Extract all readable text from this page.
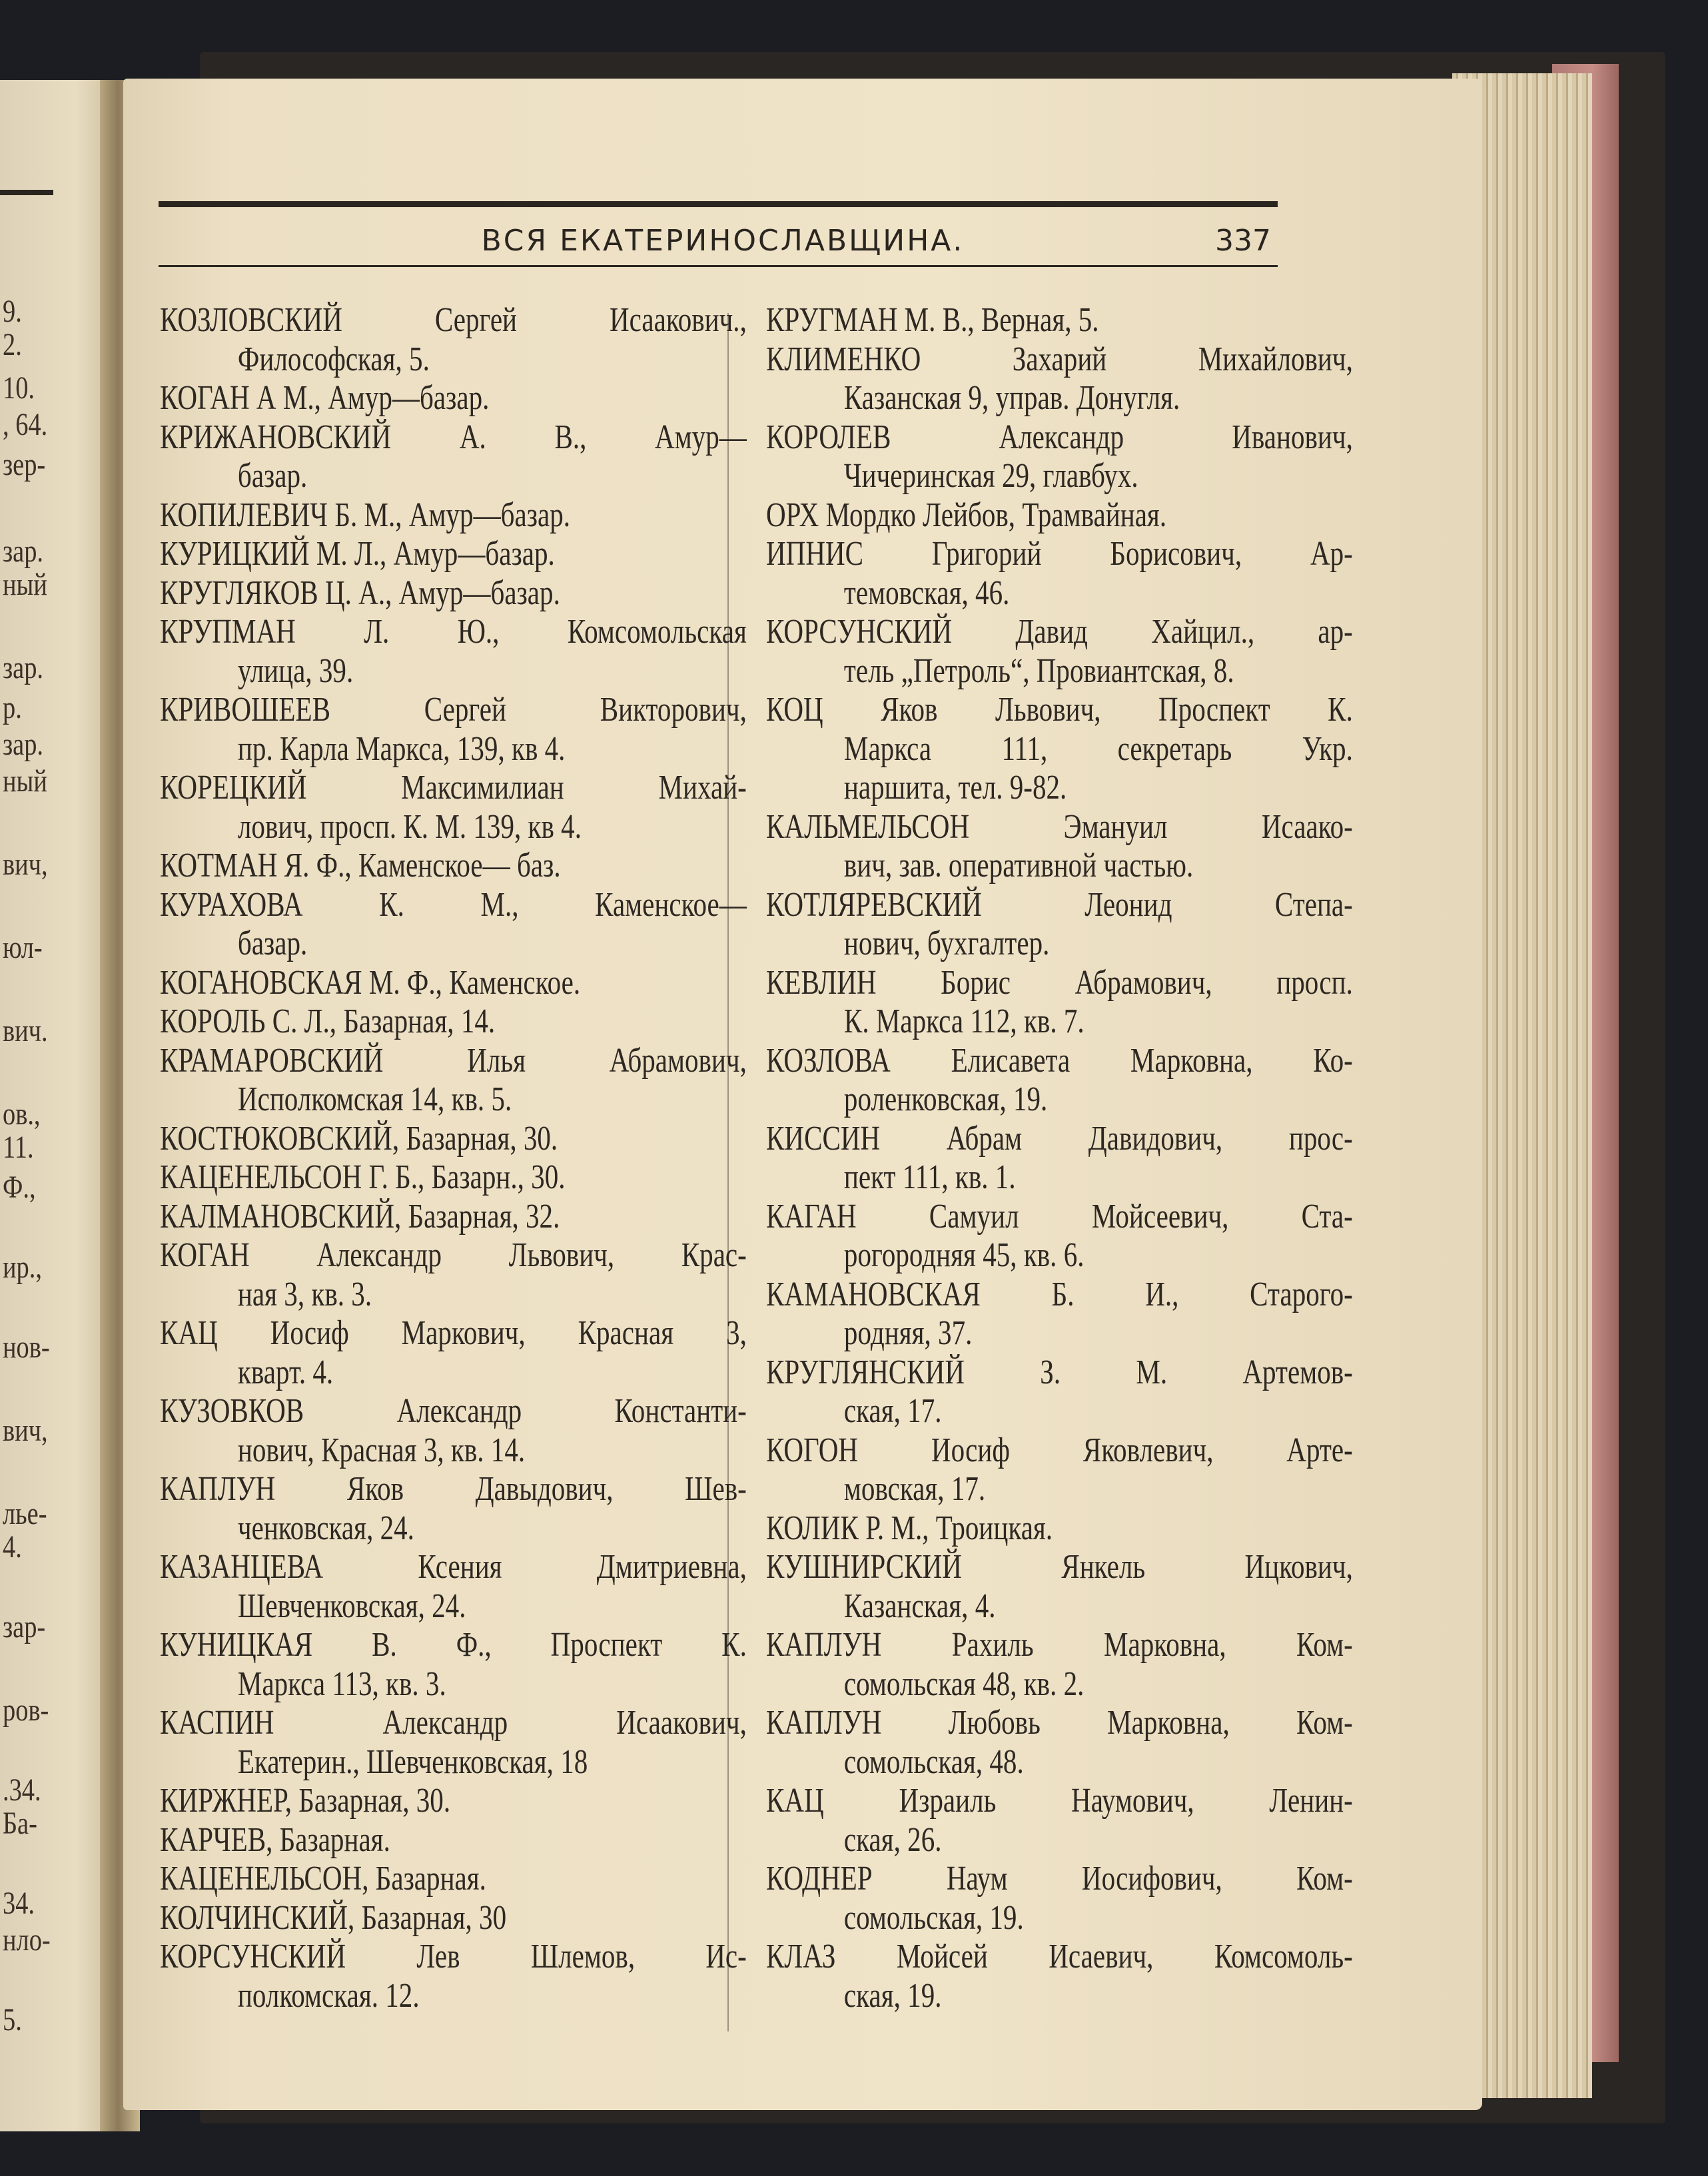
9.
2.
10.
, 64.
зер-
зар.
ный
зар.
р.
зар.
ный
вич,
юл-
вич.
ов.,
11.
Ф.,
ир.,
нов-
вич,
лье-
4.
зар-
ров-
.34.
Ба-
34.
нло-
5.
ВСЯ ЕКАТЕРИНОСЛАВЩИНА.	337
КОЗЛОВСКИЙ Сергей Исаакович.,
Философская, 5.
КОГАН А М., Амур—базар.
КРИЖАНОВСКИЙ А. В., Амур—
базар.
КОПИЛЕВИЧ Б. М., Амур—базар.
КУРИЦКИЙ М. Л., Амур—базар.
КРУГЛЯКОВ Ц. А., Амур—базар.
КРУПМАН Л. Ю., Комсомольская
улица, 39.
КРИВОШЕЕВ Сергей Викторович,
пр. Карла Маркса, 139, кв 4.
КОРЕЦКИЙ Максимилиан Михай-
лович, просп. К. М. 139, кв 4.
КОТМАН Я. Ф., Каменское— баз.
КУРАХОВА К. М., Каменское—
базар.
КОГАНОВСКАЯ М. Ф., Каменское.
КОРОЛЬ С. Л., Базарная, 14.
КРАМАРОВСКИЙ Илья Абрамович,
Исполкомская 14, кв. 5.
КОСТЮКОВСКИЙ, Базарная, 30.
КАЦЕНЕЛЬСОН Г. Б., Базарн., 30.
КАЛМАНОВСКИЙ, Базарная, 32.
КОГАН Александр Львович, Крас-
ная 3, кв. 3.
КАЦ Иосиф Маркович, Красная 3,
кварт. 4.
КУЗОВКОВ Александр Константи-
нович, Красная 3, кв. 14.
КАПЛУН Яков Давыдович, Шев-
ченковская, 24.
КАЗАНЦЕВА Ксения Дмитриевна,
Шевченковская, 24.
КУНИЦКАЯ В. Ф., Проспект К.
Маркса 113, кв. 3.
КАСПИН Александр Исаакович,
Екатерин., Шевченковская, 18
КИРЖНЕР, Базарная, 30.
КАРЧЕВ, Базарная.
КАЦЕНЕЛЬСОН, Базарная.
КОЛЧИНСКИЙ, Базарная, 30
КОРСУНСКИЙ Лев Шлемов, Ис-
полкомская. 12.
КРУГМАН М. В., Верная, 5.
КЛИМЕНКО Захарий Михайлович,
Казанская 9, управ. Донугля.
КОРОЛЕВ Александр Иванович,
Чичеринская 29, главбух.
ОРХ Мордко Лейбов, Трамвайная.
ИПНИС Григорий Борисович, Ар-
темовская, 46.
КОРСУНСКИЙ Давид Хайцил., ар-
тель „Петроль“, Провиантская, 8.
КОЦ Яков Львович, Проспект К.
Маркса 111, секретарь Укр.
наршита, тел. 9-82.
КАЛЬМЕЛЬСОН Эмануил Исаако-
вич, зав. оперативной частью.
КОТЛЯРЕВСКИЙ Леонид Степа-
нович, бухгалтер.
КЕВЛИН Борис Абрамович, просп.
К. Маркса 112, кв. 7.
КОЗЛОВА Елисавета Марковна, Ко-
роленковская, 19.
КИССИН Абрам Давидович, прос-
пект 111, кв. 1.
КАГАН Самуил Мойсеевич, Ста-
рогородняя 45, кв. 6.
КАМАНОВСКАЯ Б. И., Старого-
родняя, 37.
КРУГЛЯНСКИЙ З. М. Артемов-
ская, 17.
КОГОН Иосиф Яковлевич, Арте-
мовская, 17.
КОЛИК Р. М., Троицкая.
КУШНИРСКИЙ Янкель Ицкович,
Казанская, 4.
КАПЛУН Рахиль Марковна, Ком-
сомольская 48, кв. 2.
КАПЛУН Любовь Марковна, Ком-
сомольская, 48.
КАЦ Израиль Наумович, Ленин-
ская, 26.
КОДНЕР Наум Иосифович, Ком-
сомольская, 19.
КЛАЗ Мойсей Исаевич, Комсомоль-
ская, 19.
